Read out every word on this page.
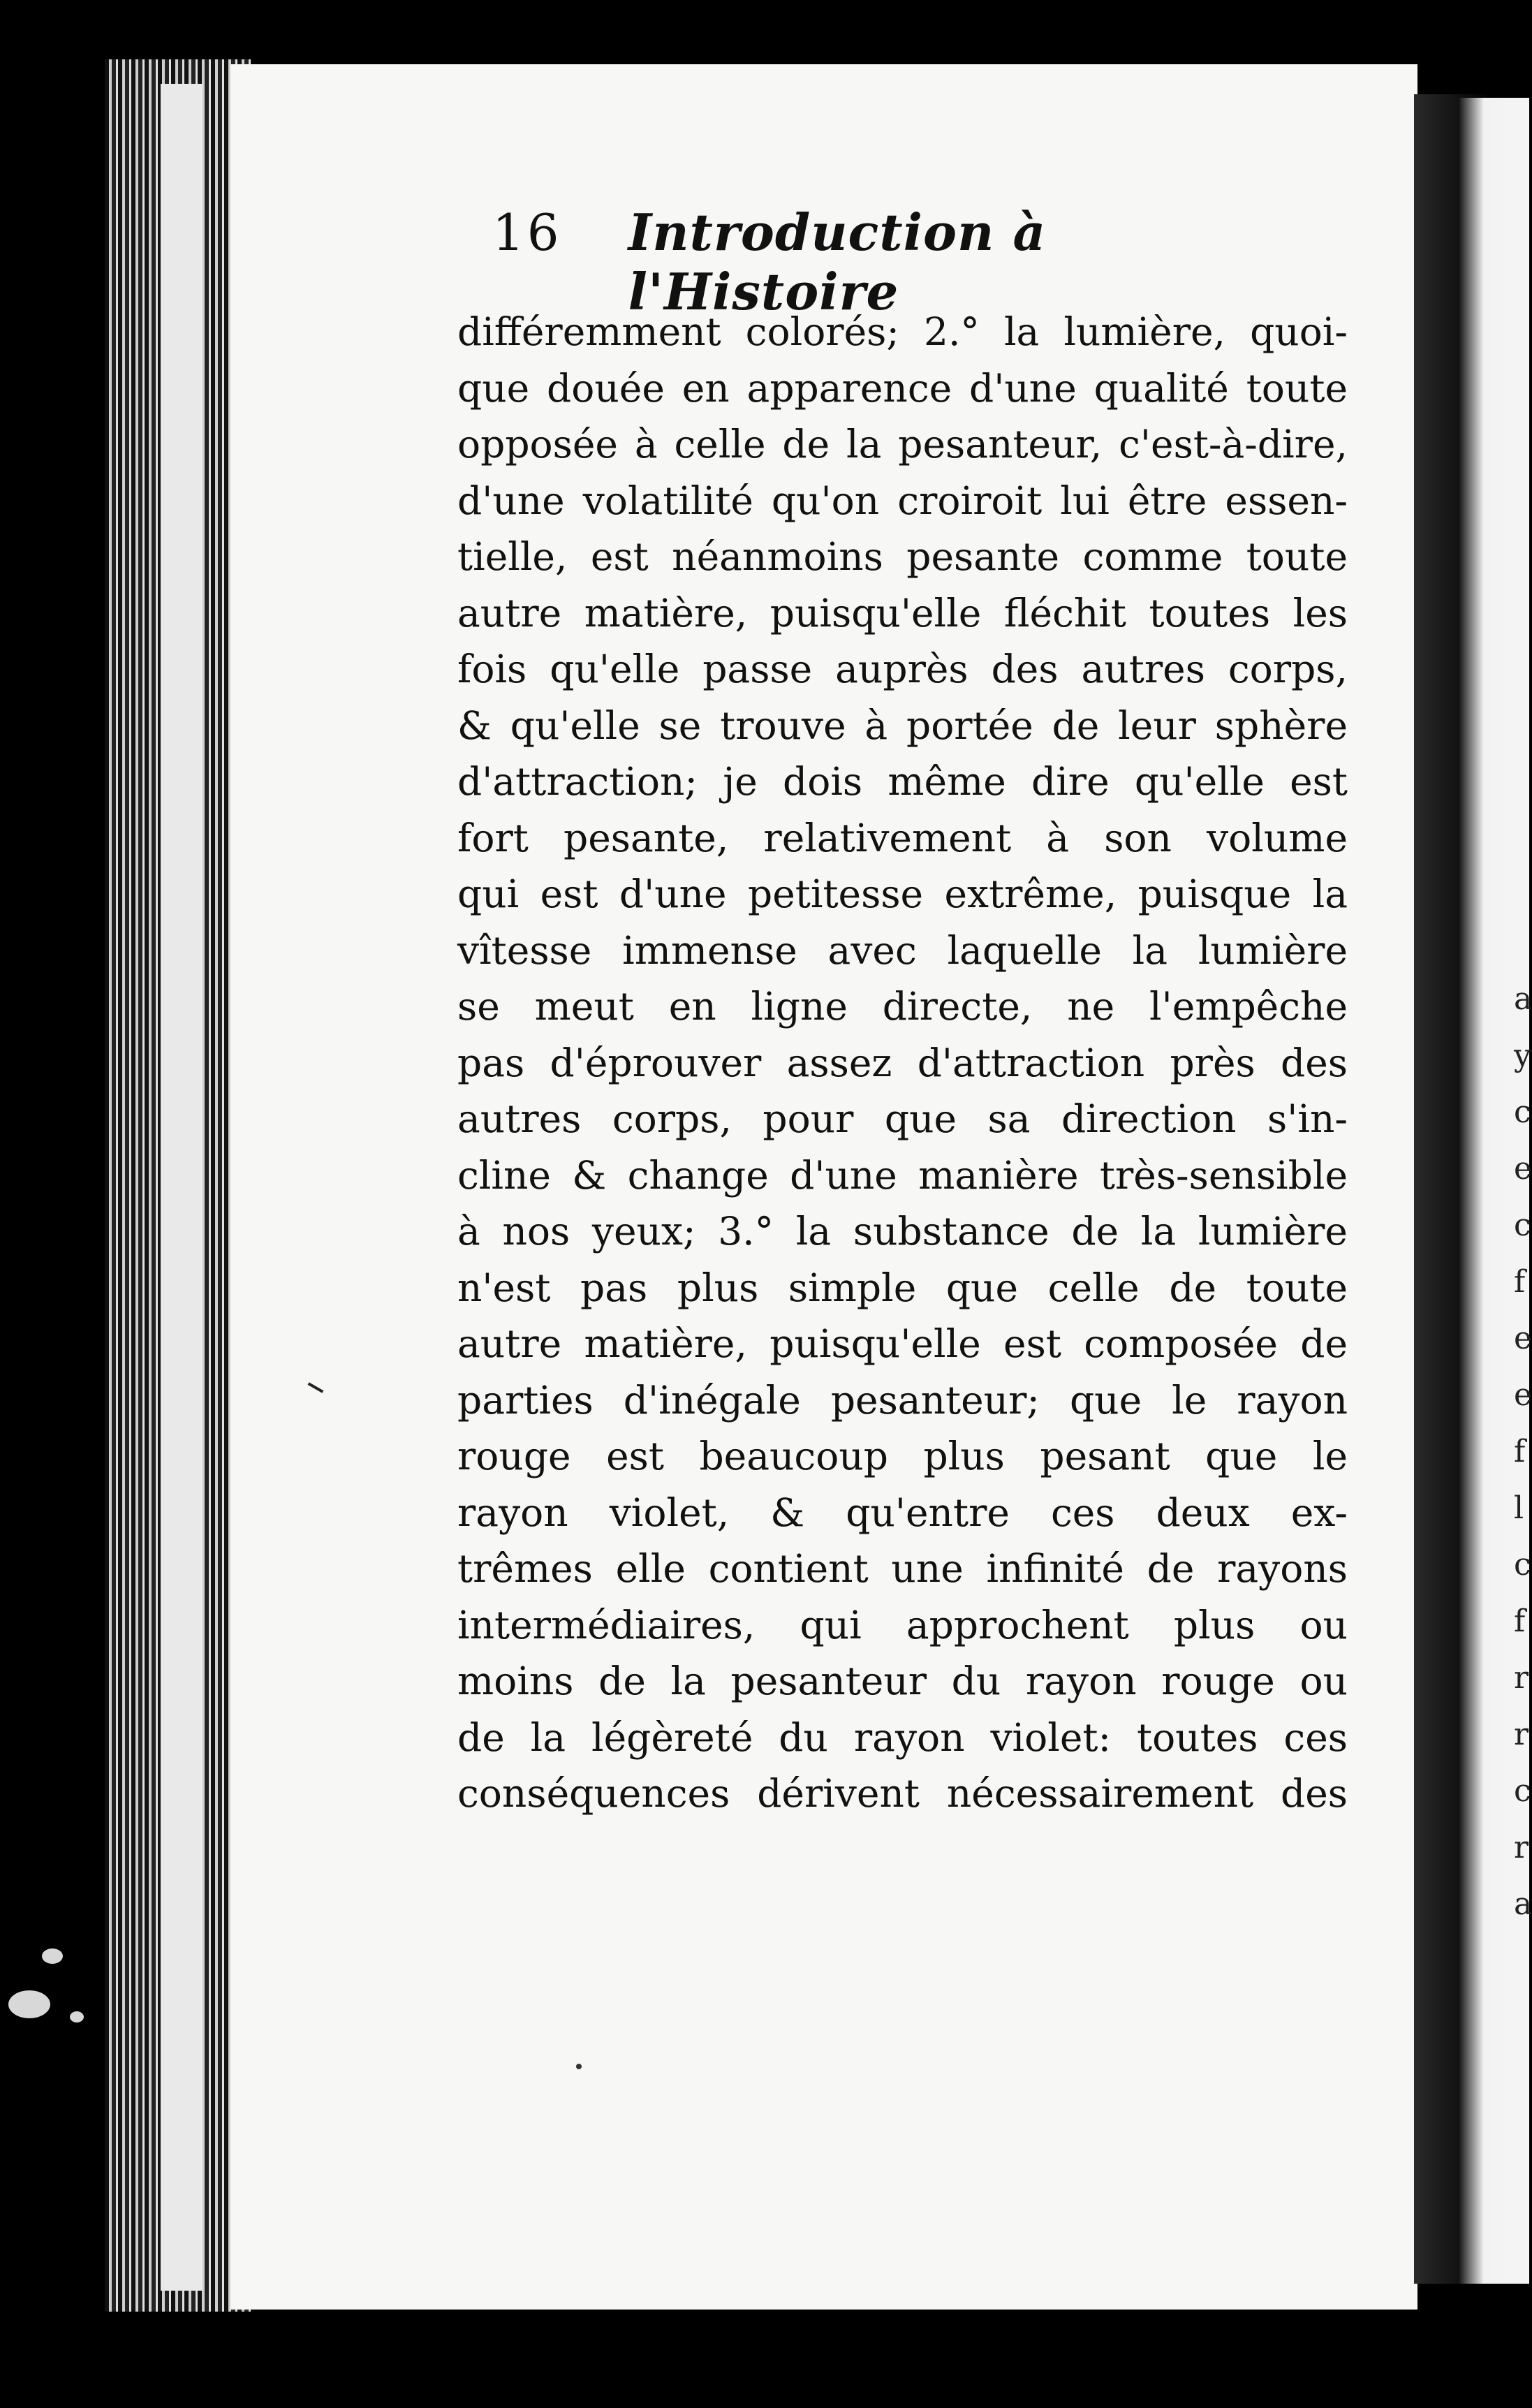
a
y
c
e
c
f
e
e
f
l
c
f
r
r
c
r
a
16 Introduction à l'Histoire
différemment colorés; 2.° la lumière, quoi-
que douée en apparence d'une qualité toute
opposée à celle de la pesanteur, c'est-à-dire,
d'une volatilité qu'on croiroit lui être essen-
tielle, est néanmoins pesante comme toute
autre matière, puisqu'elle fléchit toutes les
fois qu'elle passe auprès des autres corps,
& qu'elle se trouve à portée de leur sphère
d'attraction; je dois même dire qu'elle est
fort pesante, relativement à son volume
qui est d'une petitesse extrême, puisque la
vîtesse immense avec laquelle la lumière
se meut en ligne directe, ne l'empêche
pas d'éprouver assez d'attraction près des
autres corps, pour que sa direction s'in-
cline & change d'une manière très-sensible
à nos yeux; 3.° la substance de la lumière
n'est pas plus simple que celle de toute
autre matière, puisqu'elle est composée de
parties d'inégale pesanteur; que le rayon
rouge est beaucoup plus pesant que le
rayon violet, & qu'entre ces deux ex-
trêmes elle contient une infinité de rayons
intermédiaires, qui approchent plus ou
moins de la pesanteur du rayon rouge ou
de la légèreté du rayon violet: toutes ces
conséquences dérivent nécessairement des
